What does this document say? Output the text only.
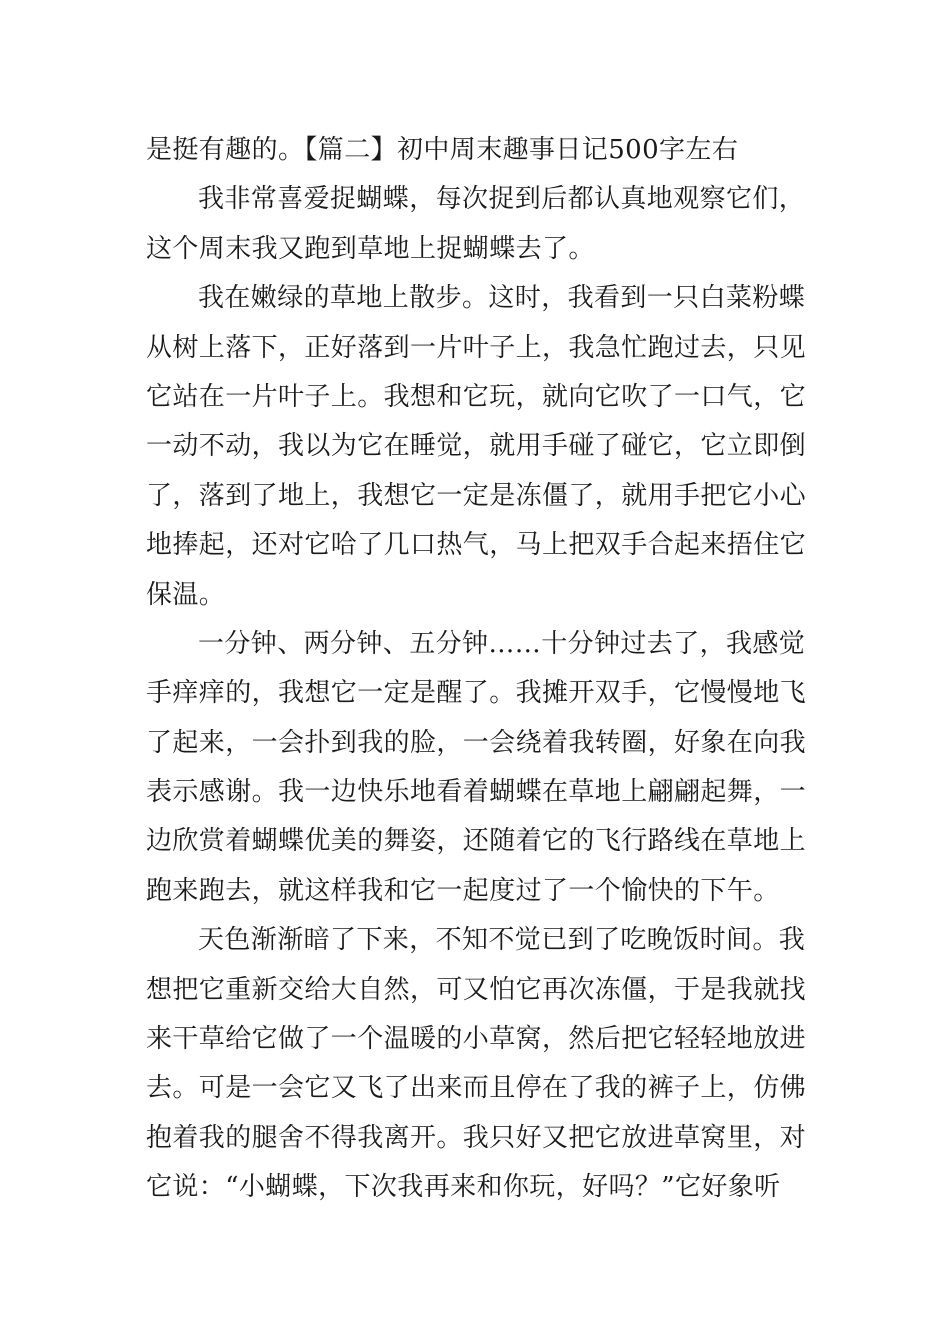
是挺有趣的。【篇二】初中周末趣事日记500字左右
我非常喜爱捉蝴蝶，每次捉到后都认真地观察它们，
这个周末我又跑到草地上捉蝴蝶去了。
我在嫩绿的草地上散步。这时，我看到一只白菜粉蝶
从树上落下，正好落到一片叶子上，我急忙跑过去，只见
它站在一片叶子上。我想和它玩，就向它吹了一口气，它
一动不动，我以为它在睡觉，就用手碰了碰它，它立即倒
了，落到了地上，我想它一定是冻僵了，就用手把它小心
地捧起，还对它哈了几口热气，马上把双手合起来捂住它
保温。
一分钟、两分钟、五分钟……十分钟过去了，我感觉
手痒痒的，我想它一定是醒了。我摊开双手，它慢慢地飞
了起来，一会扑到我的脸，一会绕着我转圈，好象在向我
表示感谢。我一边快乐地看着蝴蝶在草地上翩翩起舞，一
边欣赏着蝴蝶优美的舞姿，还随着它的飞行路线在草地上
跑来跑去，就这样我和它一起度过了一个愉快的下午。
天色渐渐暗了下来，不知不觉已到了吃晚饭时间。我
想把它重新交给大自然，可又怕它再次冻僵，于是我就找
来干草给它做了一个温暖的小草窝，然后把它轻轻地放进
去。可是一会它又飞了出来而且停在了我的裤子上，仿佛
抱着我的腿舍不得我离开。我只好又把它放进草窝里，对
它说：“小蝴蝶，下次我再来和你玩，好吗？”它好象听
